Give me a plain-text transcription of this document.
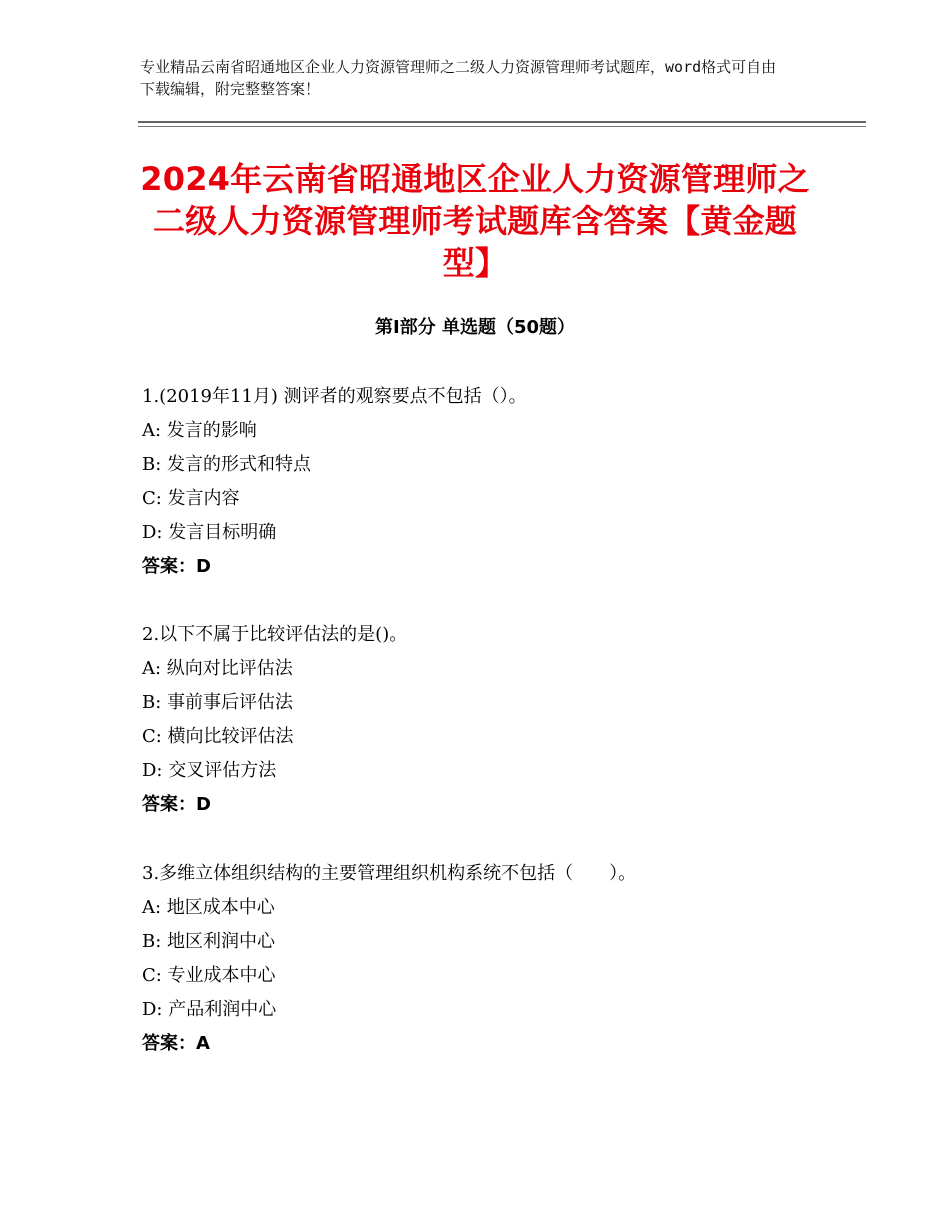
专业精品云南省昭通地区企业人力资源管理师之二级人力资源管理师考试题库，word格式可自由下载编辑，附完整整答案！
2024年云南省昭通地区企业人力资源管理师之二级人力资源管理师考试题库含答案【黄金题型】
第Ⅰ部分 单选题（50题）
1.(2019年11月) 测评者的观察要点不包括（）。
A: 发言的影响
B: 发言的形式和特点
C: 发言内容
D: 发言目标明确
答案：D
2.以下不属于比较评估法的是()。
A: 纵向对比评估法
B: 事前事后评估法
C: 横向比较评估法
D: 交叉评估方法
答案：D
3.多维立体组织结构的主要管理组织机构系统不包括（　　）。
A: 地区成本中心
B: 地区利润中心
C: 专业成本中心
D: 产品利润中心
答案：A
